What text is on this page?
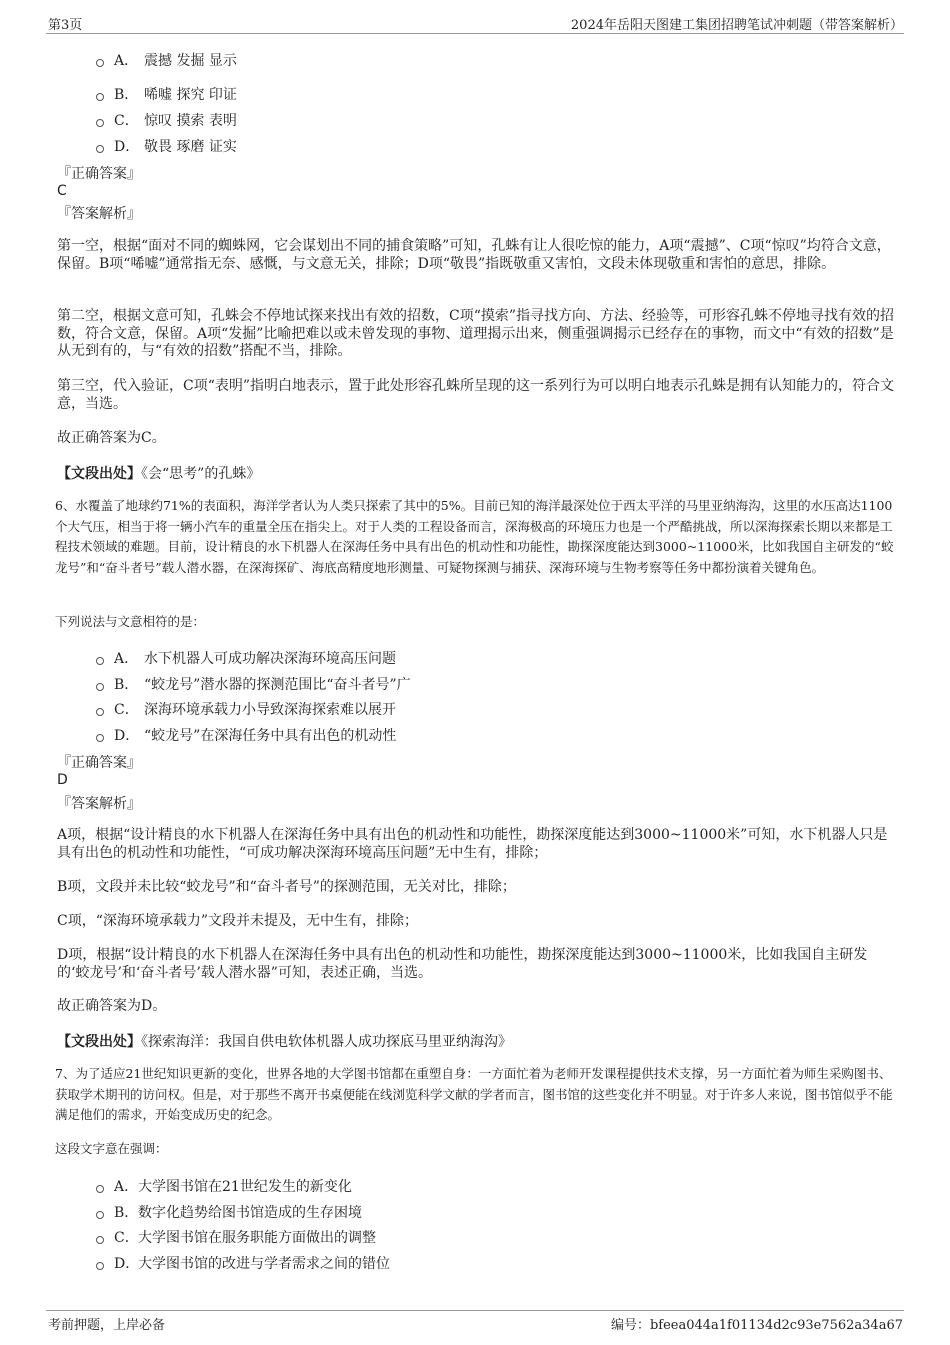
第3页	2024年岳阳天图建工集团招聘笔试冲刺题（带答案解析）
A． 震撼 发掘 显示
B． 唏嘘 探究 印证
C． 惊叹 摸索 表明
D． 敬畏 琢磨 证实
『正确答案』
C
『答案解析』
第一空，根据“面对不同的蜘蛛网，它会谋划出不同的捕食策略”可知，孔蛛有让人很吃惊的能力，A项“震撼”、C项“惊叹”均符合文意，保留。B项“唏嘘”通常指无奈、感慨，与文意无关，排除；D项“敬畏”指既敬重又害怕，文段未体现敬重和害怕的意思，排除。
第二空，根据文意可知，孔蛛会不停地试探来找出有效的招数，C项“摸索”指寻找方向、方法、经验等，可形容孔蛛不停地寻找有效的招数，符合文意，保留。A项“发掘”比喻把难以或未曾发现的事物、道理揭示出来，侧重强调揭示已经存在的事物，而文中“有效的招数”是从无到有的，与“有效的招数”搭配不当，排除。
第三空，代入验证，C项“表明”指明白地表示，置于此处形容孔蛛所呈现的这一系列行为可以明白地表示孔蛛是拥有认知能力的，符合文意，当选。
故正确答案为C。
【文段出处】《会“思考”的孔蛛》
6、水覆盖了地球约71%的表面积，海洋学者认为人类只探索了其中的5%。目前已知的海洋最深处位于西太平洋的马里亚纳海沟，这里的水压高达1100个大气压，相当于将一辆小汽车的重量全压在指尖上。对于人类的工程设备而言，深海极高的环境压力也是一个严酷挑战，所以深海探索长期以来都是工程技术领域的难题。目前，设计精良的水下机器人在深海任务中具有出色的机动性和功能性，勘探深度能达到3000~11000米，比如我国自主研发的“蛟龙号”和“奋斗者号”载人潜水器，在深海探矿、海底高精度地形测量、可疑物探测与捕获、深海环境与生物考察等任务中都扮演着关键角色。
下列说法与文意相符的是：
A． 水下机器人可成功解决深海环境高压问题
B． “蛟龙号”潜水器的探测范围比“奋斗者号”广
C． 深海环境承载力小导致深海探索难以展开
D． “蛟龙号”在深海任务中具有出色的机动性
『正确答案』
D
『答案解析』
A项，根据“设计精良的水下机器人在深海任务中具有出色的机动性和功能性，勘探深度能达到3000~11000米”可知，水下机器人只是具有出色的机动性和功能性，“可成功解决深海环境高压问题”无中生有，排除；
B项，文段并未比较“蛟龙号”和“奋斗者号”的探测范围，无关对比，排除；
C项，“深海环境承载力”文段并未提及，无中生有，排除；
D项，根据“设计精良的水下机器人在深海任务中具有出色的机动性和功能性，勘探深度能达到3000~11000米，比如我国自主研发的‘蛟龙号’和‘奋斗者号’载人潜水器”可知，表述正确，当选。
故正确答案为D。
【文段出处】《探索海洋：我国自供电软体机器人成功探底马里亚纳海沟》
7、为了适应21世纪知识更新的变化，世界各地的大学图书馆都在重塑自身：一方面忙着为老师开发课程提供技术支撑，另一方面忙着为师生采购图书、获取学术期刊的访问权。但是，对于那些不离开书桌便能在线浏览科学文献的学者而言，图书馆的这些变化并不明显。对于许多人来说，图书馆似乎不能满足他们的需求，开始变成历史的纪念。
这段文字意在强调：
A． 大学图书馆在21世纪发生的新变化
B． 数字化趋势给图书馆造成的生存困境
C． 大学图书馆在服务职能方面做出的调整
D．
大学图书馆的改进与学者需求之间的错位
考前押题，上岸必备	编号：bfeea044a1f01134d2c93e7562a34a67
